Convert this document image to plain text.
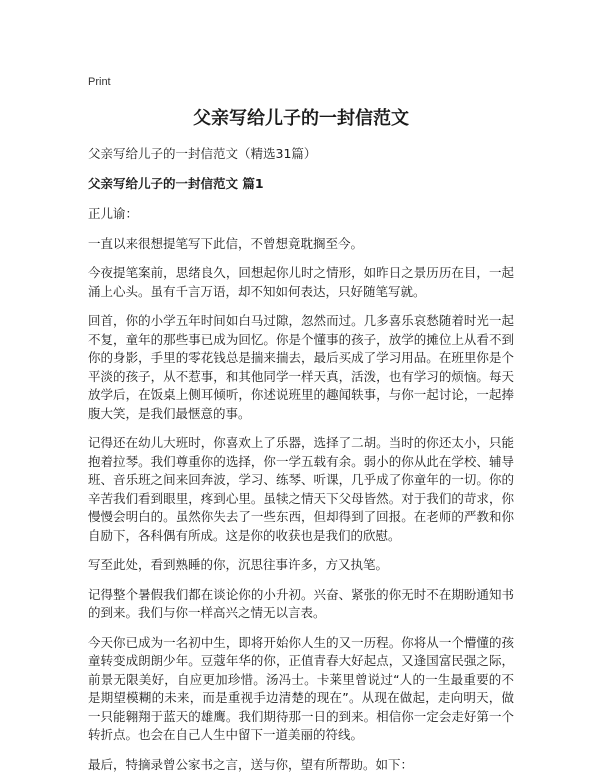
Print
父亲写给儿子的一封信范文
父亲写给儿子的一封信范文（精选31篇）
父亲写给儿子的一封信范文 篇1
正儿谕：
一直以来很想提笔写下此信，不曾想竟耽搁至今。
今夜提笔案前，思绪良久，回想起你儿时之情形，如昨日之景历历在目，一起涌上心头。虽有千言万语，却不知如何表达，只好随笔写就。
回首，你的小学五年时间如白马过隙，忽然而过。几多喜乐哀愁随着时光一起不复，童年的那些事已成为回忆。你是个懂事的孩子，放学的摊位上从看不到你的身影，手里的零花钱总是揣来揣去，最后买成了学习用品。在班里你是个平淡的孩子，从不惹事，和其他同学一样天真，活泼，也有学习的烦恼。每天放学后，在饭桌上侧耳倾听，你述说班里的趣闻轶事，与你一起讨论，一起捧腹大笑，是我们最惬意的事。
记得还在幼儿大班时，你喜欢上了乐器，选择了二胡。当时的你还太小，只能抱着拉琴。我们尊重你的选择，你一学五载有余。弱小的你从此在学校、辅导班、音乐班之间来回奔波，学习、练琴、听课，几乎成了你童年的一切。你的辛苦我们看到眼里，疼到心里。虽犊之情天下父母皆然。对于我们的苛求，你慢慢会明白的。虽然你失去了一些东西，但却得到了回报。在老师的严教和你自励下，各科偶有所成。这是你的收获也是我们的欣慰。
写至此处，看到熟睡的你，沉思往事许多，方又执笔。
记得整个暑假我们都在谈论你的小升初。兴奋、紧张的你无时不在期盼通知书的到来。我们与你一样高兴之情无以言表。
今天你已成为一名初中生，即将开始你人生的又一历程。你将从一个懵懂的孩童转变成朗朗少年。豆蔻年华的你，正值青春大好起点，又逢国富民强之际，前景无限美好，自应更加珍惜。汤冯士。卡莱里曾说过“人的一生最重要的不是期望模糊的未来，而是重视手边清楚的现在”。从现在做起，走向明天，做一只能翱翔于蓝天的雄鹰。我们期待那一日的到来。相信你一定会走好第一个转折点。也会在自己人生中留下一道美丽的符线。
最后，特摘录曾公家书之言，送与你，望有所帮助。如下：
